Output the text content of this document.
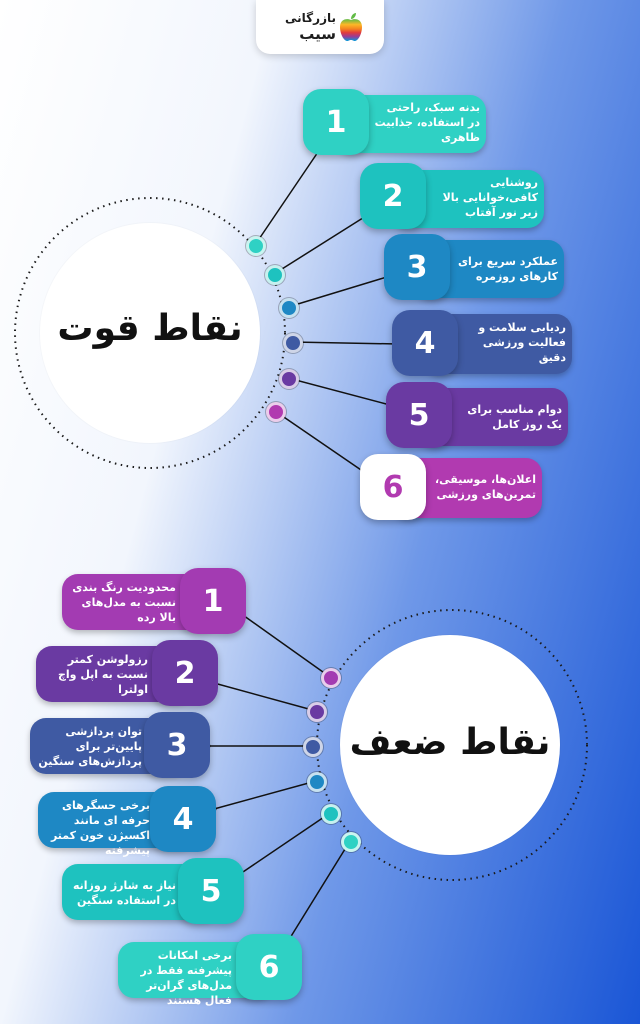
بازرگانی
سیب
نقاط قوت
نقاط ضعف
بدنه سبک، راحتی در استفاده، جذابیت ظاهری
1
روشنایی کافی،خوانایی بالا زیر نور آفتاب
2
عملکرد سریع برای کارهای روزمره
3
ردیابی سلامت و فعالیت ورزشی دقیق
4
دوام مناسب برای یک روز کامل
5
اعلان‌ها، موسیقی، تمرین‌های ورزشی
6
محدودیت رنگ بندی نسبت به مدل‌های بالا رده 1
رزولوشن کمتر نسبت به اپل واچ اولترا 2
توان پردازشی پایین‌تر برای پردازش‌های سنگین 3
برخی حسگرهای حرفه ای مانند اکسیژن خون کمتر پیشرفته
4
نیاز به شارژ روزانه در استفاده سنگین 5
برخی امکانات پیشرفته فقط در مدل‌های گران‌تر فعال هستند
6
